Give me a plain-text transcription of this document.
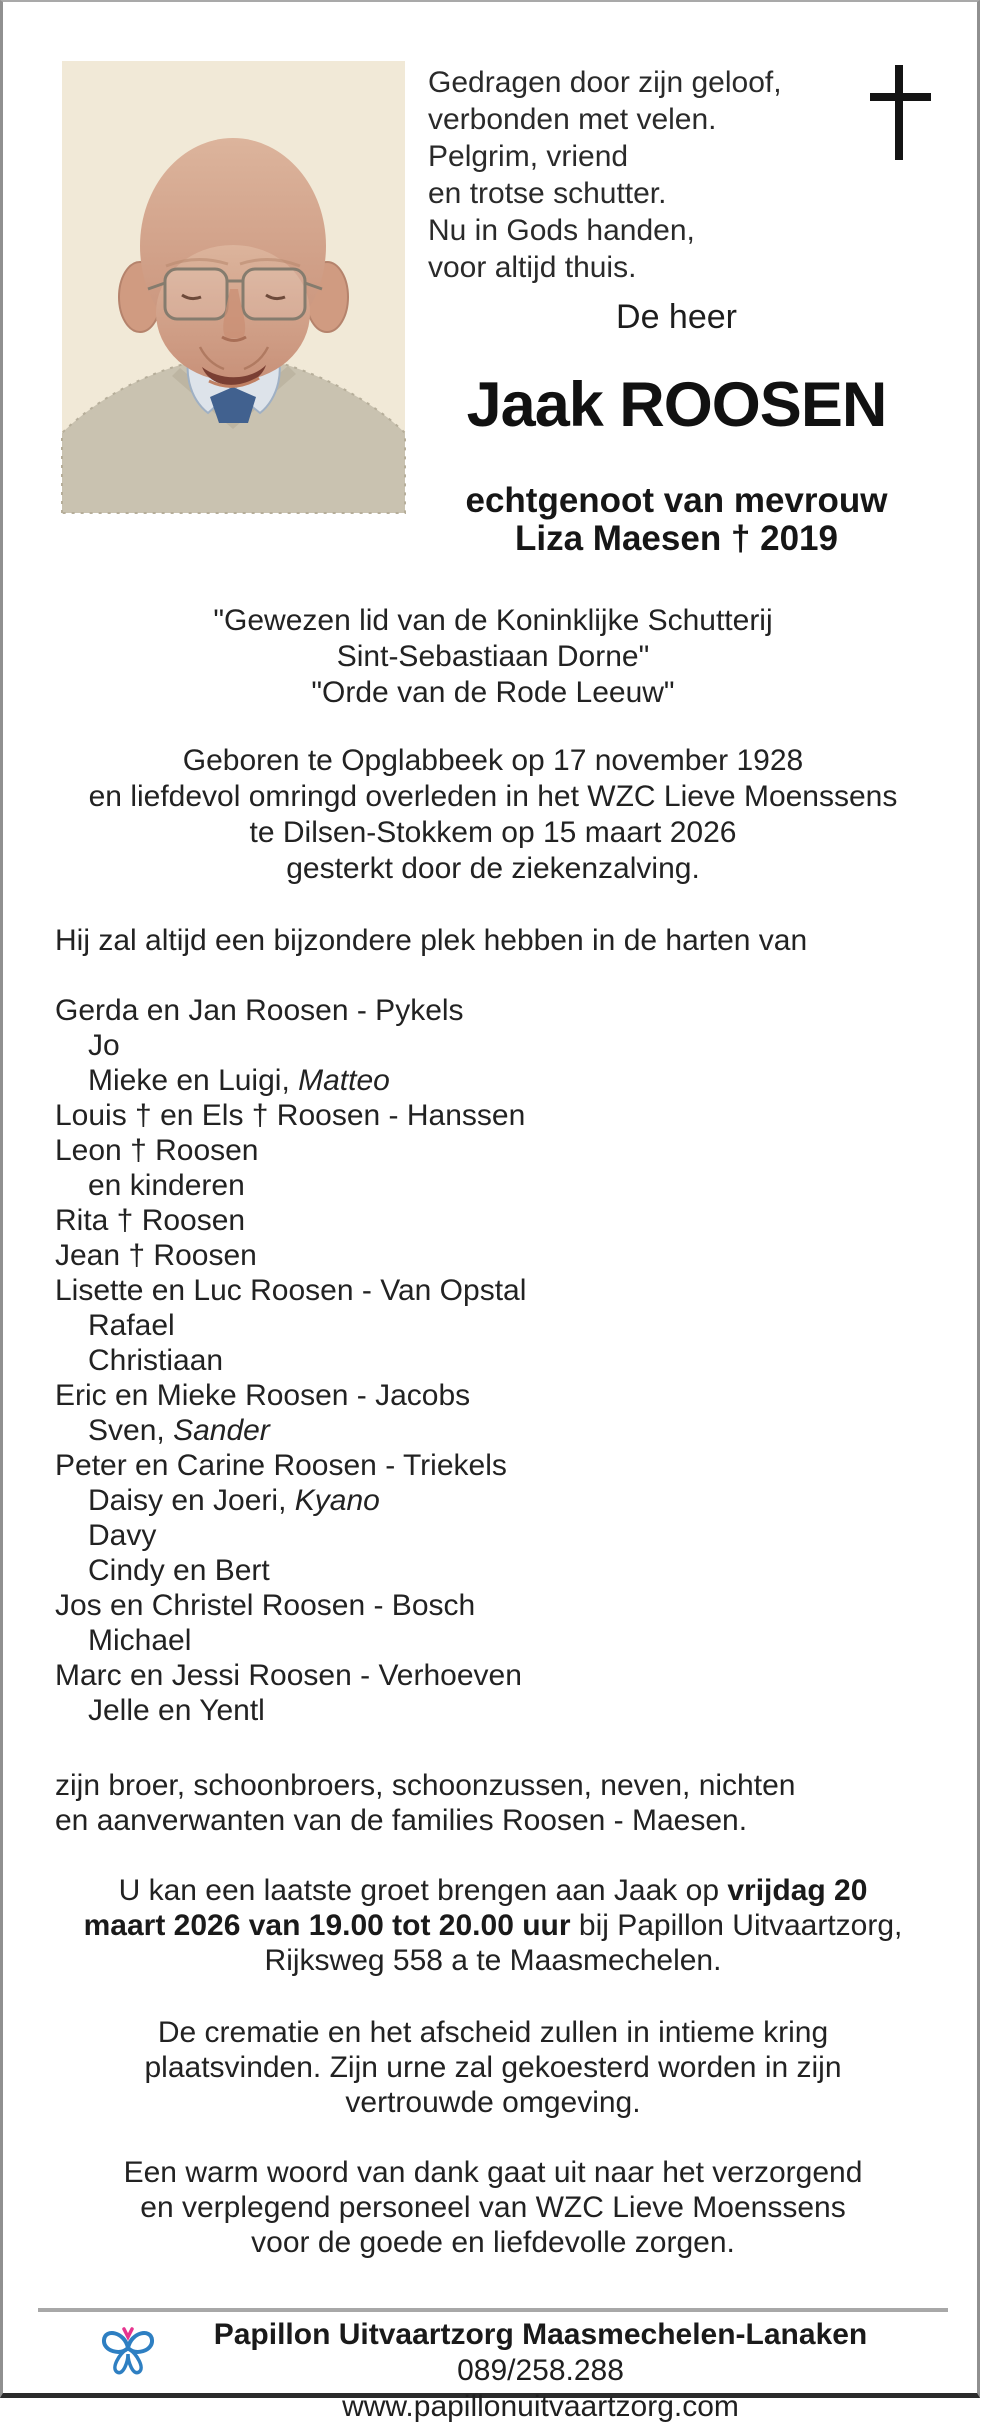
Gedragen door zijn geloof,
verbonden met velen.
Pelgrim, vriend
en trotse schutter.
Nu in Gods handen,
voor altijd thuis.
De heer
Jaak ROOSEN
echtgenoot van mevrouw
Liza Maesen † 2019
"Gewezen lid van de Koninklijke Schutterij
Sint-Sebastiaan Dorne"
"Orde van de Rode Leeuw"
Geboren te Opglabbeek op 17 november 1928
en liefdevol omringd overleden in het WZC Lieve Moenssens
te Dilsen-Stokkem op 15 maart 2026
gesterkt door de ziekenzalving.
Hij zal altijd een bijzondere plek hebben in de harten van
Gerda en Jan Roosen - Pykels
Jo
Mieke en Luigi, Matteo
Louis † en Els † Roosen - Hanssen
Leon † Roosen
en kinderen
Rita † Roosen
Jean † Roosen
Lisette en Luc Roosen - Van Opstal
Rafael
Christiaan
Eric en Mieke Roosen - Jacobs
Sven, Sander
Peter en Carine Roosen - Triekels
Daisy en Joeri, Kyano
Davy
Cindy en Bert
Jos en Christel Roosen - Bosch
Michael
Marc en Jessi Roosen - Verhoeven
Jelle en Yentl
zijn broer, schoonbroers, schoonzussen, neven, nichten
en aanverwanten van de families Roosen - Maesen.
U kan een laatste groet brengen aan Jaak op vrijdag 20
maart 2026 van 19.00 tot 20.00 uur bij Papillon Uitvaartzorg,
Rijksweg 558 a te Maasmechelen.
De crematie en het afscheid zullen in intieme kring
plaatsvinden. Zijn urne zal gekoesterd worden in zijn
vertrouwde omgeving.
Een warm woord van dank gaat uit naar het verzorgend
en verplegend personeel van WZC Lieve Moenssens
voor de goede en liefdevolle zorgen.
Papillon Uitvaartzorg Maasmechelen-Lanaken 089/258.288
www.papillonuitvaartzorg.com
